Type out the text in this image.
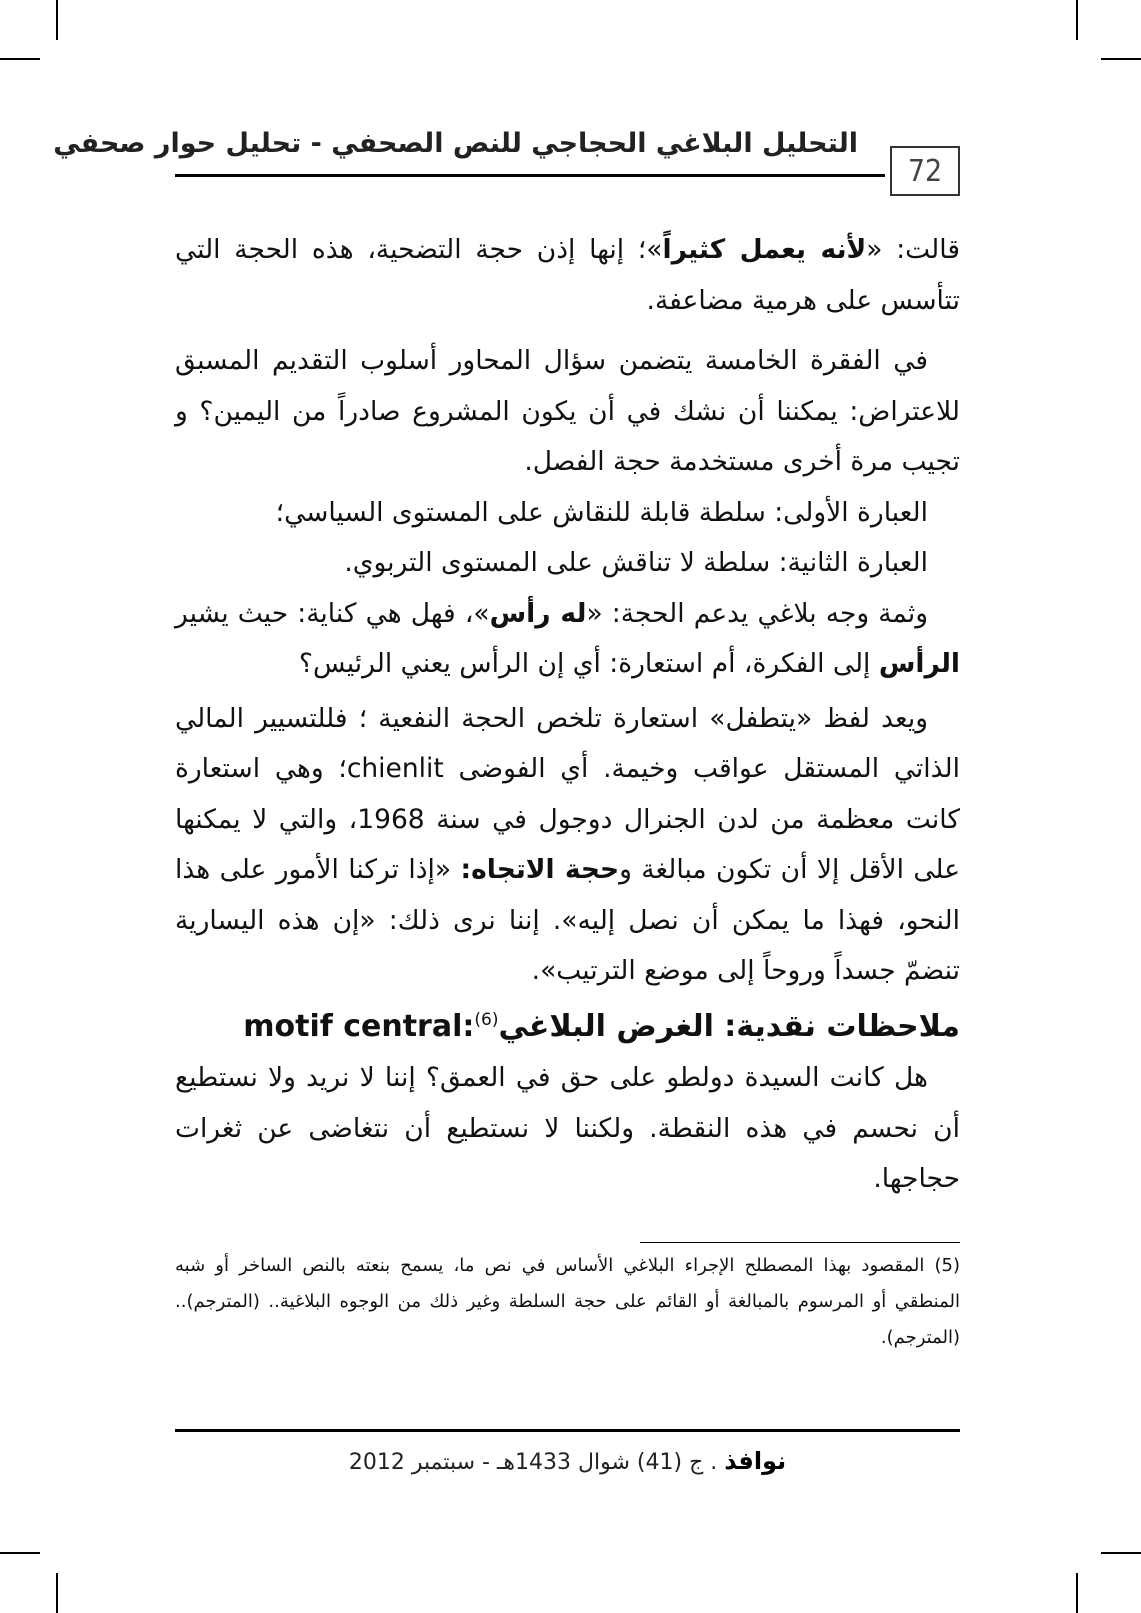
التحليل البلاغي الحجاجي للنص الصحفي - تحليل حوار صحفي
72

قالت: «لأنه يعمل كثيراً»؛ إنها إذن حجة التضحية، هذه الحجة التي تتأسس على هرمية مضاعفة.

في الفقرة الخامسة يتضمن سؤال المحاور أسلوب التقديم المسبق للاعتراض: يمكننا أن نشك في أن يكون المشروع صادراً من اليمين؟ و تجيب مرة أخرى مستخدمة حجة الفصل.

العبارة الأولى: سلطة قابلة للنقاش على المستوى السياسي؛

العبارة الثانية: سلطة لا تناقش على المستوى التربوي.

وثمة وجه بلاغي يدعم الحجة: «له رأس»، فهل هي كناية: حيث يشير الرأس إلى الفكرة، أم استعارة: أي إن الرأس يعني الرئيس؟

ويعد لفظ «يتطفل» استعارة تلخص الحجة النفعية ؛ فللتسيير المالي الذاتي المستقل عواقب وخيمة. أي الفوضى chienlit؛ وهي استعارة كانت معظمة من لدن الجنرال دوجول في سنة 1968، والتي لا يمكنها على الأقل إلا أن تكون مبالغة وحجة الاتجاه: «إذا تركنا الأمور على هذا النحو، فهذا ما يمكن أن نصل إليه». إننا نرى ذلك: «إن هذه اليسارية تنضمّ جسداً وروحاً إلى موضع الترتيب».

ملاحظات نقدية: الغرض البلاغي$^{(6)}$ motif central:

هل كانت السيدة دولطو على حق في العمق؟ إننا لا نريد ولا نستطيع أن نحسم في هذه النقطة. ولكننا لا نستطيع أن نتغاضى عن ثغرات حجاجها.

(5) المقصود بهذا المصطلح الإجراء البلاغي الأساس في نص ما، يسمح بنعته بالنص الساخر أو شبه المنطقي أو المرسوم بالمبالغة أو القائم على حجة السلطة وغير ذلك من الوجوه البلاغية.. (المترجم).. (المترجم).

نوافذ . ج (41) شوال 1433هـ - سبتمبر 2012
